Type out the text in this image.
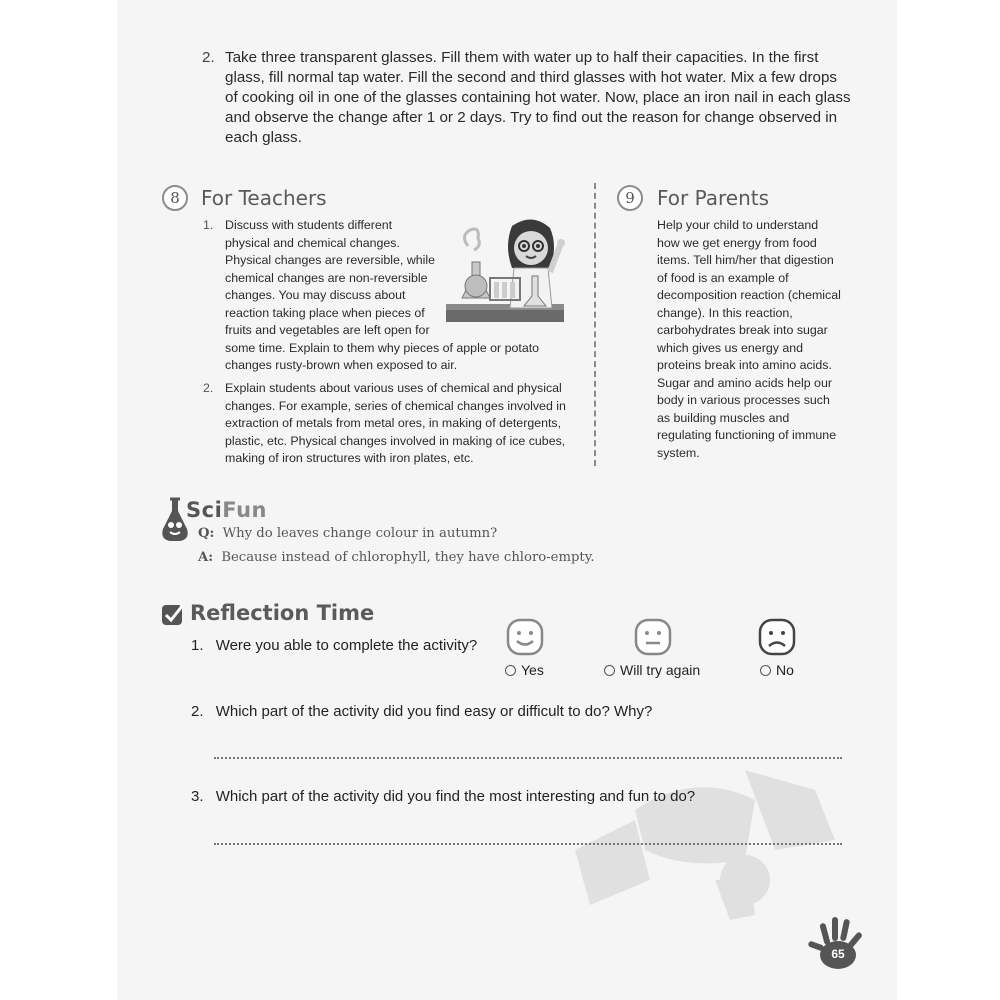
2. Take three transparent glasses. Fill them with water up to half their capacities. In the first glass, fill normal tap water. Fill the second and third glasses with hot water. Mix a few drops of cooking oil in one of the glasses containing hot water. Now, place an iron nail in each glass and observe the change after 1 or 2 days. Try to find out the reason for change observed in each glass.
8	For Teachers
1. Discuss with students different physical and chemical changes. Physical changes are reversible, while chemical changes are non-reversible changes. You may discuss about reaction taking place when pieces of fruits and vegetables are left open for some time. Explain to them why pieces of apple or potato changes rusty-brown when exposed to air.
2. Explain students about various uses of chemical and physical changes. For example, series of chemical changes involved in extraction of metals from metal ores, in making of detergents, plastic, etc. Physical changes involved in making of ice cubes, making of iron structures with iron plates, etc.
9	For Parents
Help your child to understand how we get energy from food items. Tell him/her that digestion of food is an example of decomposition reaction (chemical change). In this reaction, carbohydrates break into sugar which gives us energy and proteins break into amino acids. Sugar and amino acids help our body in various processes such as building muscles and regulating functioning of immune system.
SciFun
Q: Why do leaves change colour in autumn?
A: Because instead of chlorophyll, they have chloro-empty.
Reflection Time
1. Were you able to complete the activity?
Yes	Will try again	No
2. Which part of the activity did you find easy or difficult to do? Why?
3. Which part of the activity did you find the most interesting and fun to do?
65
